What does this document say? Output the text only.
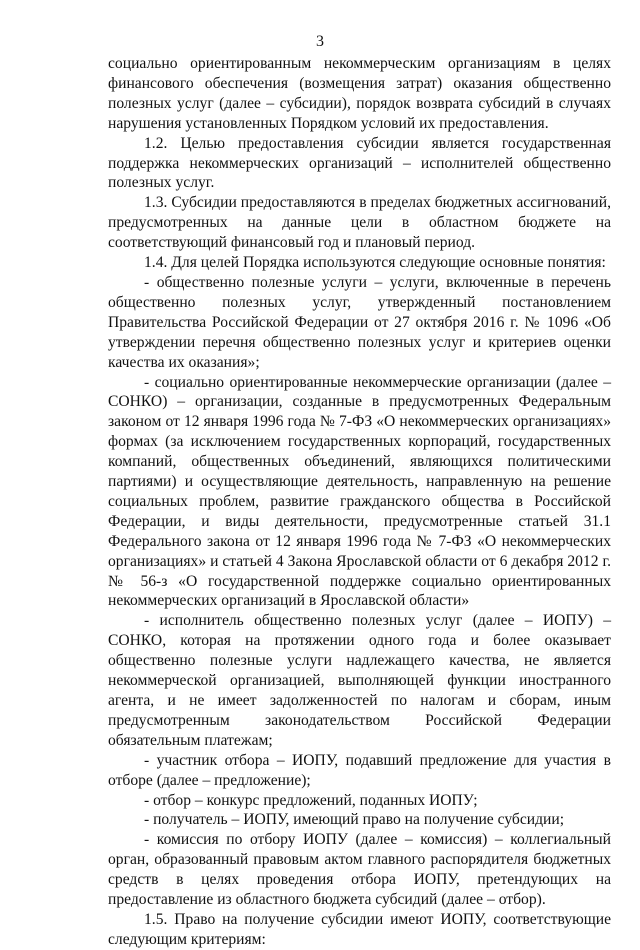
3

социально ориентированным некоммерческим организациям в целях финансового обеспечения (возмещения затрат) оказания общественно полезных услуг (далее – субсидии), порядок возврата субсидий в случаях нарушения установленных Порядком условий их предоставления.

1.2. Целью предоставления субсидии является государственная поддержка некоммерческих организаций – исполнителей общественно полезных услуг.

1.3. Субсидии предоставляются в пределах бюджетных ассигнований, предусмотренных на данные цели в областном бюджете на соответствующий финансовый год и плановый период.

1.4. Для целей Порядка используются следующие основные понятия:

- общественно полезные услуги – услуги, включенные в перечень общественно полезных услуг, утвержденный постановлением Правительства Российской Федерации от 27 октября 2016 г. № 1096 «Об утверждении перечня общественно полезных услуг и критериев оценки качества их оказания»;

- социально ориентированные некоммерческие организации (далее – СОНКО) – организации, созданные в предусмотренных Федеральным законом от 12 января 1996 года № 7-ФЗ «О некоммерческих организациях» формах (за исключением государственных корпораций, государственных компаний, общественных объединений, являющихся политическими партиями) и осуществляющие деятельность, направленную на решение социальных проблем, развитие гражданского общества в Российской Федерации, и виды деятельности, предусмотренные статьей 31.1 Федерального закона от 12 января 1996 года № 7-ФЗ «О некоммерческих организациях» и статьей 4 Закона Ярославской области от 6 декабря 2012 г. № 56-з «О государственной поддержке социально ориентированных некоммерческих организаций в Ярославской области»

- исполнитель общественно полезных услуг (далее – ИОПУ) – СОНКО, которая на протяжении одного года и более оказывает общественно полезные услуги надлежащего качества, не является некоммерческой организацией, выполняющей функции иностранного агента, и не имеет задолженностей по налогам и сборам, иным предусмотренным законодательством Российской Федерации обязательным платежам;

- участник отбора – ИОПУ, подавший предложение для участия в отборе (далее – предложение);

- отбор – конкурс предложений, поданных ИОПУ;

- получатель – ИОПУ, имеющий право на получение субсидии;

- комиссия по отбору ИОПУ (далее – комиссия) – коллегиальный орган, образованный правовым актом главного распорядителя бюджетных средств в целях проведения отбора ИОПУ, претендующих на предоставление из областного бюджета субсидий (далее – отбор).

1.5. Право на получение субсидии имеют ИОПУ, соответствующие следующим критериям:
